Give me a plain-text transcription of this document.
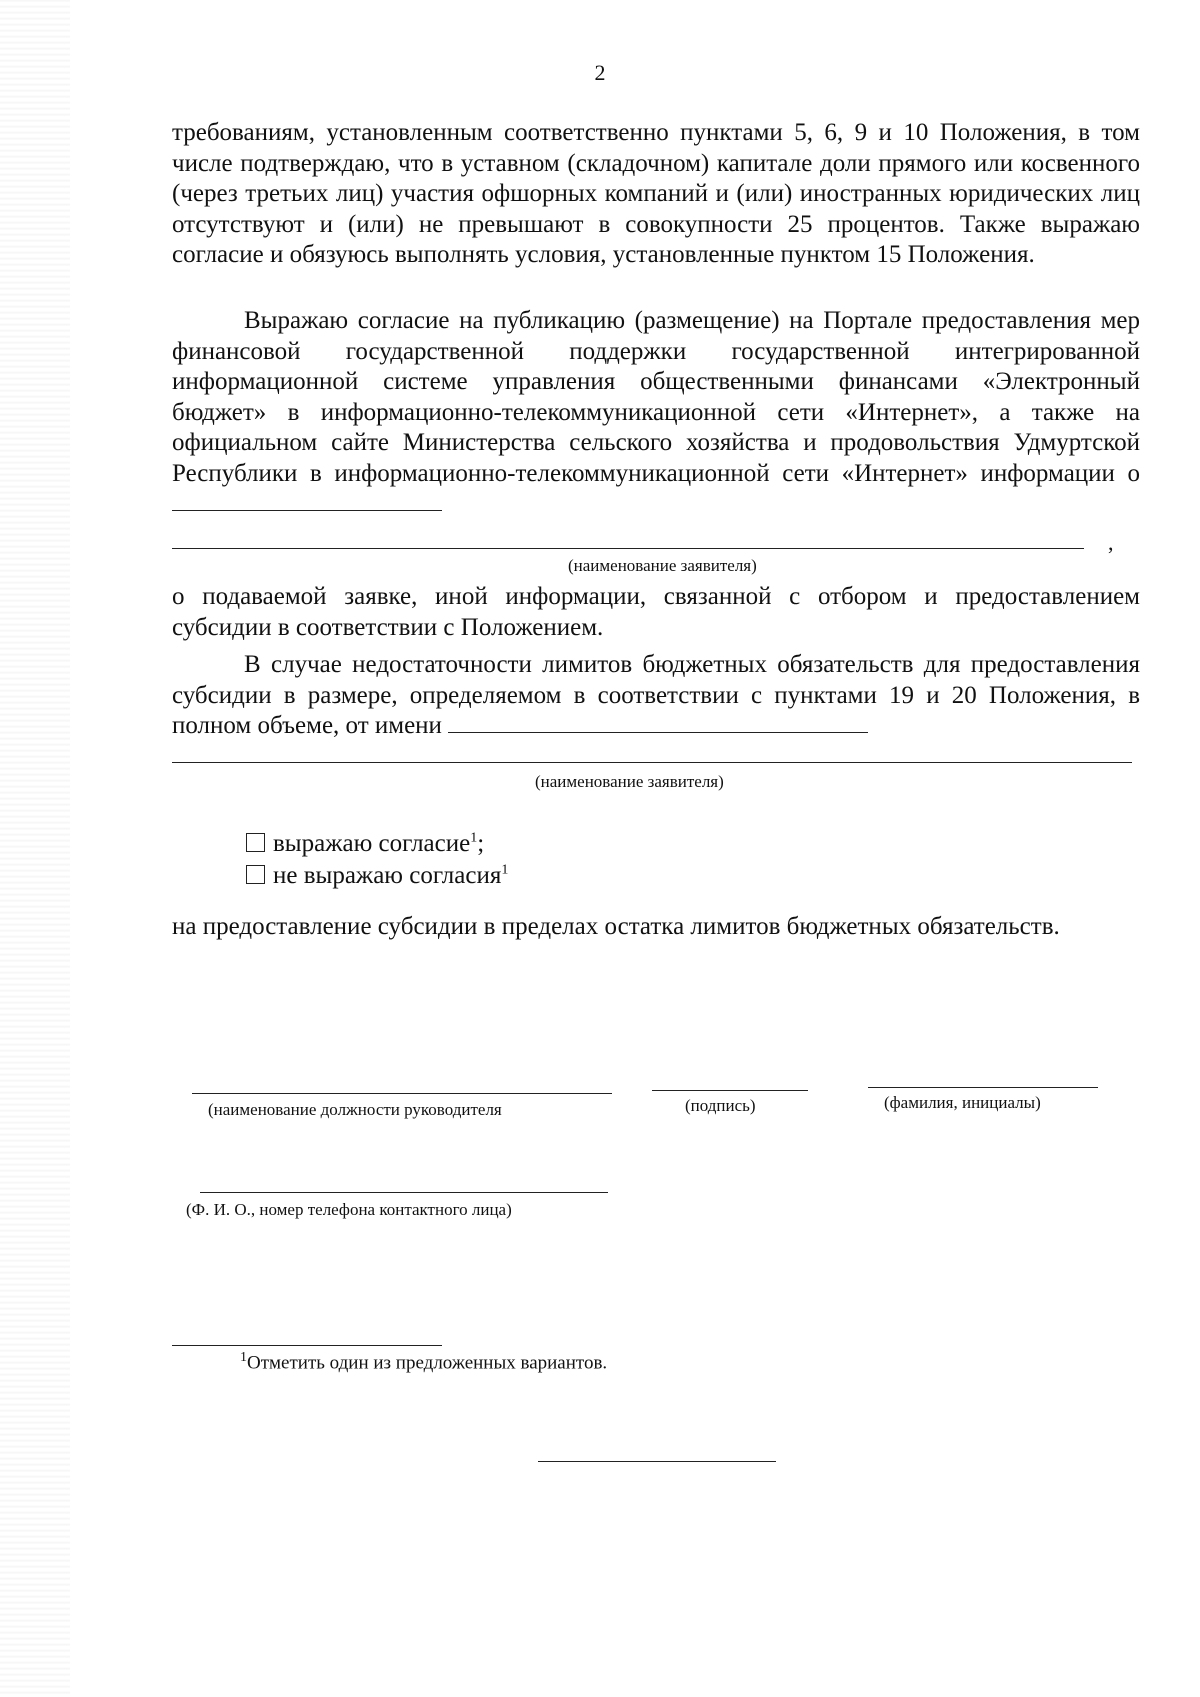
2

требованиям, установленным соответственно пунктами 5, 6, 9 и 10 Положения, в том числе подтверждаю, что в уставном (складочном) капитале доли прямого или косвенного (через третьих лиц) участия офшорных компаний и (или) иностранных юридических лиц отсутствуют и (или) не превышают в совокупности 25 процентов. Также выражаю согласие и обязуюсь выполнять условия, установленные пунктом 15 Положения.

Выражаю согласие на публикацию (размещение) на Портале предоставления мер финансовой государственной поддержки государственной интегрированной информационной системе управления общественными финансами «Электронный бюджет» в информационно-телекоммуникационной сети «Интернет», а также на официальном сайте Министерства сельского хозяйства и продовольствия Удмуртской Республики в информационно-телекоммуникационной сети «Интернет» информации о

,
(наименование заявителя)

о подаваемой заявке, иной информации, связанной с отбором и предоставлением субсидии в соответствии с Положением.

В случае недостаточности лимитов бюджетных обязательств для предоставления субсидии в размере, определяемом в соответствии с пунктами 19 и 20 Положения, в полном объеме, от имени

(наименование заявителя)
выражаю согласие$^1$;
не выражаю согласия$^1$

на предоставление субсидии в пределах остатка лимитов бюджетных обязательств.

(наименование должности руководителя	(подпись)	(фамилия, инициалы)
(Ф. И. О., номер телефона контактного лица)
$^1$Отметить один из предложенных вариантов.
